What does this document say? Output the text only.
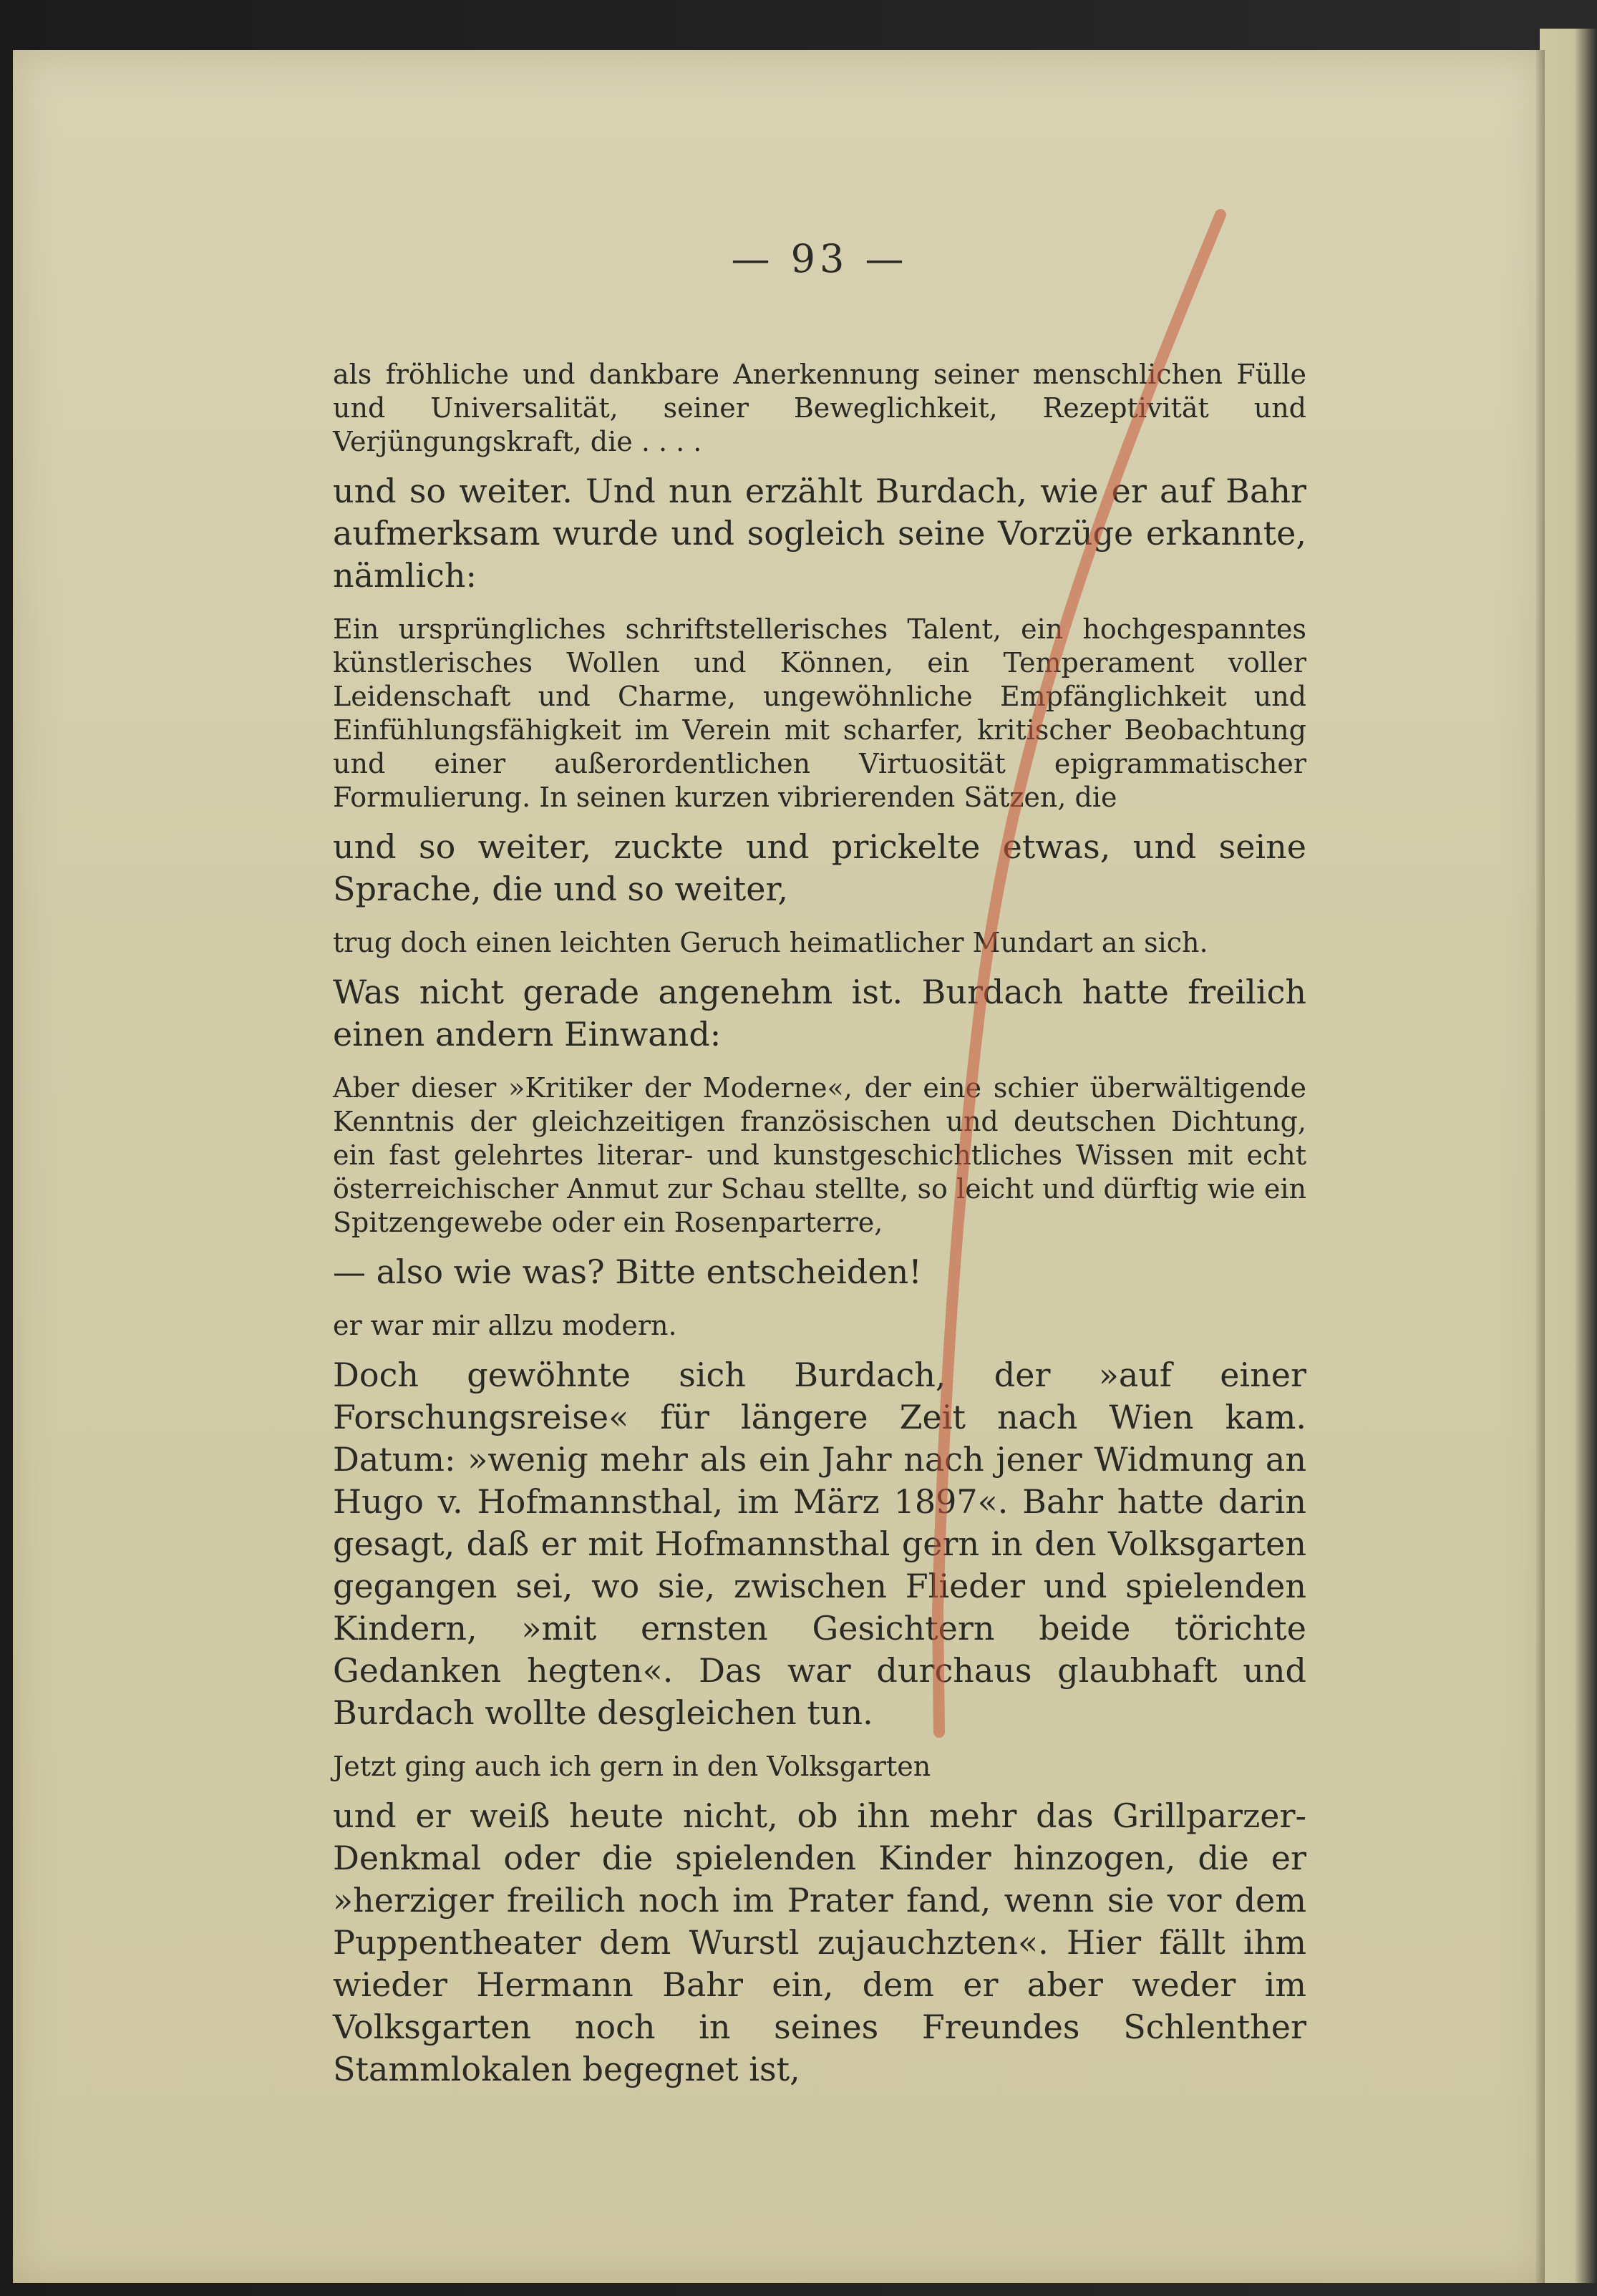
— 93 —

als fröhliche und dankbare Anerkennung seiner menschlichen Fülle und Universalität, seiner Beweglichkeit, Rezeptivität und Verjüngungskraft, die . . . .

und so weiter. Und nun erzählt Burdach, wie er auf Bahr aufmerksam wurde und sogleich seine Vorzüge erkannte, nämlich:

Ein ursprüngliches schriftstellerisches Talent, ein hochgespanntes künstlerisches Wollen und Können, ein Temperament voller Leidenschaft und Charme, ungewöhnliche Empfänglichkeit und Einfühlungsfähigkeit im Verein mit scharfer, kritischer Beobachtung und einer außerordentlichen Virtuosität epigrammatischer Formulierung. In seinen kurzen vibrierenden Sätzen, die

und so weiter, zuckte und prickelte etwas, und seine Sprache, die und so weiter,

trug doch einen leichten Geruch heimatlicher Mundart an sich.

Was nicht gerade angenehm ist. Burdach hatte freilich einen andern Einwand:

Aber dieser »Kritiker der Moderne«, der eine schier überwältigende Kenntnis der gleichzeitigen französischen und deutschen Dichtung, ein fast gelehrtes literar- und kunstgeschichtliches Wissen mit echt österreichischer Anmut zur Schau stellte, so leicht und dürftig wie ein Spitzengewebe oder ein Rosenparterre,

— also wie was? Bitte entscheiden!

er war mir allzu modern.

Doch gewöhnte sich Burdach, der »auf einer Forschungsreise« für längere Zeit nach Wien kam. Datum: »wenig mehr als ein Jahr nach jener Widmung an Hugo v. Hofmannsthal, im März 1897«. Bahr hatte darin gesagt, daß er mit Hofmannsthal gern in den Volksgarten gegangen sei, wo sie, zwischen Flieder und spielenden Kindern, »mit ernsten Gesichtern beide törichte Gedanken hegten«. Das war durchaus glaubhaft und Burdach wollte desgleichen tun.

Jetzt ging auch ich gern in den Volksgarten

und er weiß heute nicht, ob ihn mehr das Grillparzer-Denkmal oder die spielenden Kinder hinzogen, die er »herziger freilich noch im Prater fand, wenn sie vor dem Puppentheater dem Wurstl zujauchzten«. Hier fällt ihm wieder Hermann Bahr ein, dem er aber weder im Volksgarten noch in seines Freundes Schlenther Stammlokalen begegnet ist,
